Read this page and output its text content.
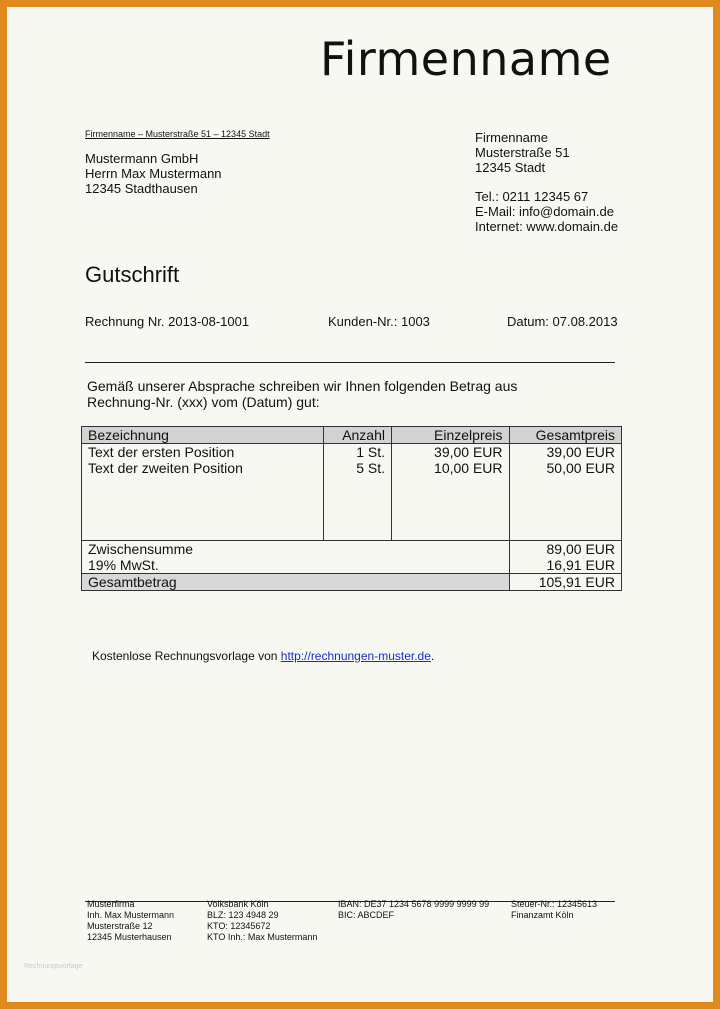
Firmenname
Firmenname – Musterstraße 51 – 12345 Stadt
Mustermann GmbH
Herrn Max Mustermann
12345 Stadthausen
Firmenname
Musterstraße 51
12345 Stadt
Tel.: 0211 12345 67
E-Mail: info@domain.de
Internet: www.domain.de
Gutschrift
Rechnung Nr. 2013-08-1001	Kunden-Nr.: 1003	Datum: 07.08.2013
Gemäß unserer Absprache schreiben wir Ihnen folgenden Betrag aus
Rechnung-Nr. (xxx) vom (Datum) gut:
Bezeichnung	Anzahl	Einzelpreis	Gesamtpreis
Text der ersten Position	1 St.	39,00 EUR	39,00 EUR
Text der zweiten Position	5 St.	10,00 EUR	50,00 EUR

Zwischensumme			89,00 EUR
19% MwSt.			16,91 EUR
Gesamtbetrag			105,91 EUR
Kostenlose Rechnungsvorlage von http://rechnungen-muster.de.
Musterfirma
Inh. Max Mustermann
Musterstraße 12
12345 Musterhausen
Volksbank Köln
BLZ: 123 4948 29
KTO: 12345672
KTO Inh.: Max Mustermann
IBAN: DE37 1234 5678 9999 9999 99
BIC: ABCDEF
Steuer-Nr.: 12345613
Finanzamt Köln
Rechnungsvorlage
